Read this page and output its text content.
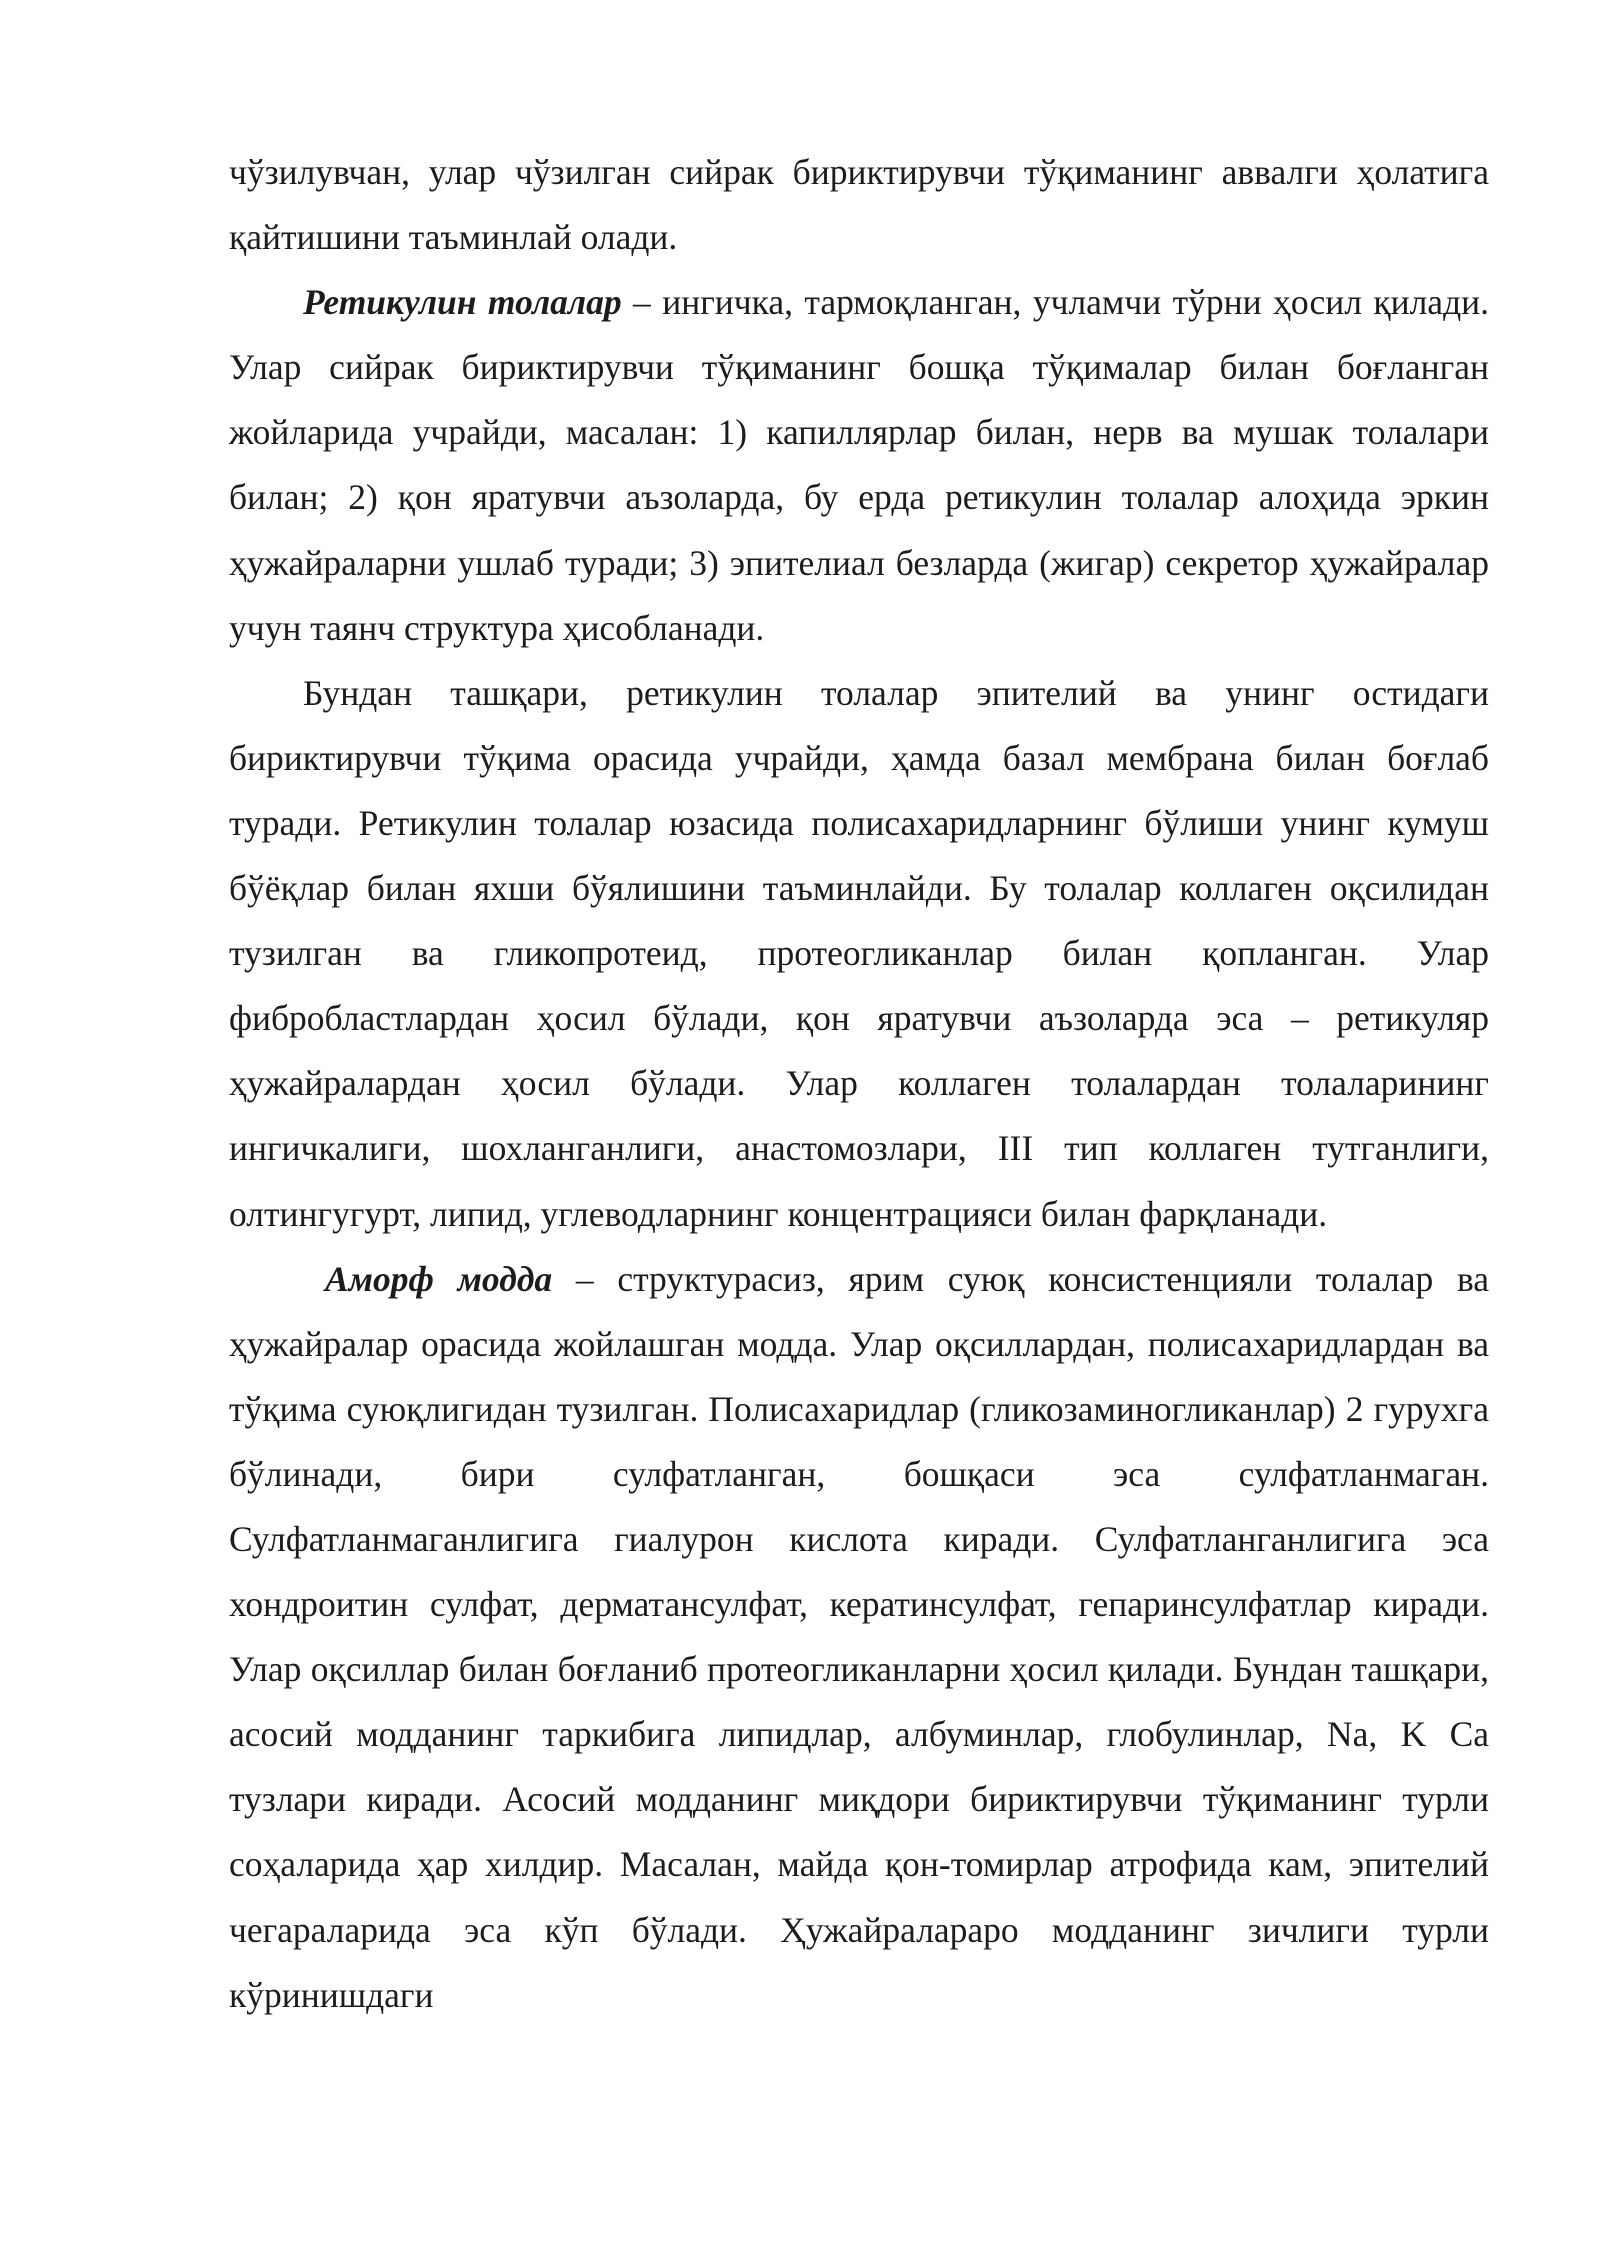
чўзилувчан, улар чўзилган сийрак бириктирувчи тўқиманинг аввалги ҳолатига қайтишини таъминлай олади.

Ретикулин толалар – ингичка, тармоқланган, учламчи тўрни ҳосил қилади. Улар сийрак бириктирувчи тўқиманинг бошқа тўқималар билан боғланган жойларида учрайди, масалан: 1) капиллярлар билан, нерв ва мушак толалари билан; 2) қон яратувчи аъзоларда, бу ерда ретикулин толалар алоҳида эркин ҳужайраларни ушлаб туради; 3) эпителиал безларда (жигар) секретор ҳужайралар учун таянч структура ҳисобланади.

Бундан ташқари, ретикулин толалар эпителий ва унинг остидаги бириктирувчи тўқима орасида учрайди, ҳамда базал мембрана билан боғлаб туради. Ретикулин толалар юзасида полисахаридларнинг бўлиши унинг кумуш бўёқлар билан яхши бўялишини таъминлайди. Бу толалар коллаген оқсилидан тузилган ва гликопротеид, протеогликанлар билан қопланган. Улар фибробластлардан ҳосил бўлади, қон яратувчи аъзоларда эса – ретикуляр ҳужайралардан ҳосил бўлади. Улар коллаген толалардан толаларининг ингичкалиги, шохланганлиги, анастомозлари, III тип коллаген тутганлиги, олтингугурт, липид, углеводларнинг концентрацияси билан фарқланади.

Аморф модда – структурасиз, ярим суюқ консистенцияли толалар ва ҳужайралар орасида жойлашган модда. Улар оқсиллардан, полисахаридлардан ва тўқима суюқлигидан тузилган. Полисахаридлар (гликозаминогликанлар) 2 гурухга бўлинади, бири сулфатланган, бошқаси эса сулфатланмаган. Сулфатланмаганлигига гиалурон кислота киради. Сулфатланганлигига эса хондроитин сулфат, дерматансулфат, кератинсулфат, гепаринсулфатлар киради. Улар оқсиллар билан боғланиб протеогликанларни ҳосил қилади. Бундан ташқари, асосий модданинг таркибига липидлар, албуминлар, глобулинлар, Na, K Ca тузлари киради. Асосий модданинг миқдори бириктирувчи тўқиманинг турли соҳаларида ҳар хилдир. Масалан, майда қон-томирлар атрофида кам, эпителий чегараларида эса кўп бўлади. Ҳужайралараро модданинг зичлиги турли кўринишдаги
